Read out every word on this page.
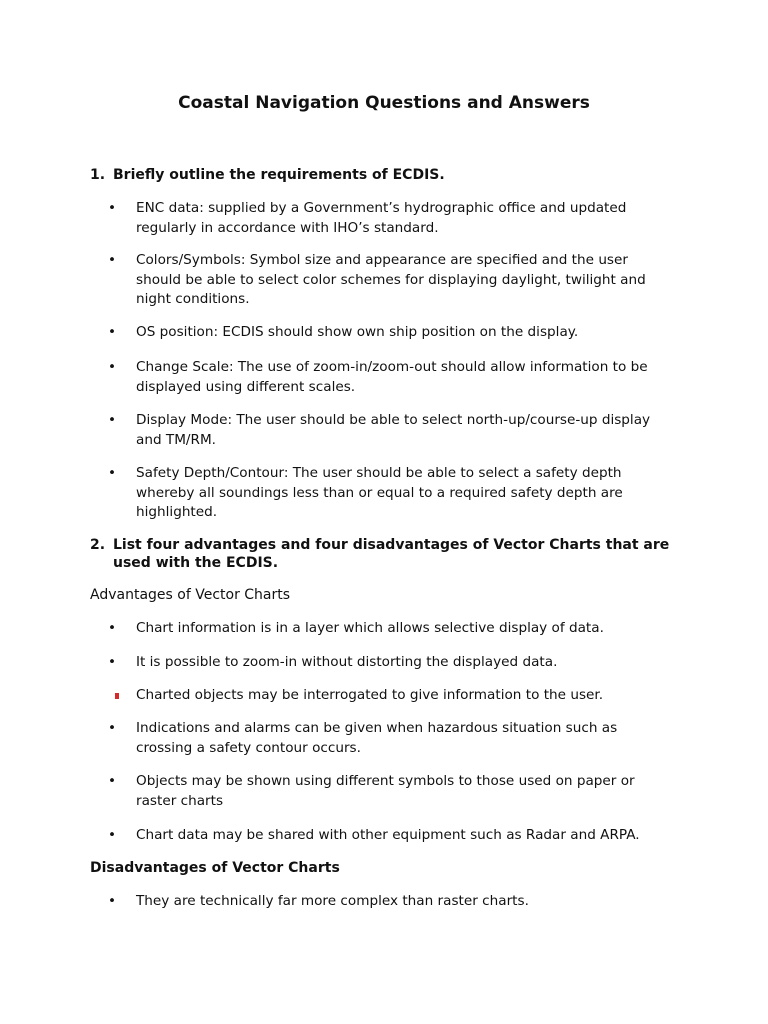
Coastal Navigation Questions and Answers
1. Briefly outline the requirements of ECDIS.
•	ENC data: supplied by a Government’s hydrographic office and updated regularly in accordance with IHO’s standard.
•	Colors/Symbols: Symbol size and appearance are specified and the user should be able to select color schemes for displaying daylight, twilight and night conditions.
•	OS position: ECDIS should show own ship position on the display.
•	Change Scale: The use of zoom-in/zoom-out should allow information to be displayed using different scales.
•	Display Mode: The user should be able to select north-up/course-up display and TM/RM.
•	Safety Depth/Contour: The user should be able to select a safety depth whereby all soundings less than or equal to a required safety depth are highlighted.
2. List four advantages and four disadvantages of Vector Charts that are used with the ECDIS.
Advantages of Vector Charts
•	Chart information is in a layer which allows selective display of data.
•	It is possible to zoom-in without distorting the displayed data.
Charted objects may be interrogated to give information to the user.
•	Indications and alarms can be given when hazardous situation such as crossing a safety contour occurs.
•	Objects may be shown using different symbols to those used on paper or raster charts
•	Chart data may be shared with other equipment such as Radar and ARPA.
Disadvantages of Vector Charts
•	They are technically far more complex than raster charts.
